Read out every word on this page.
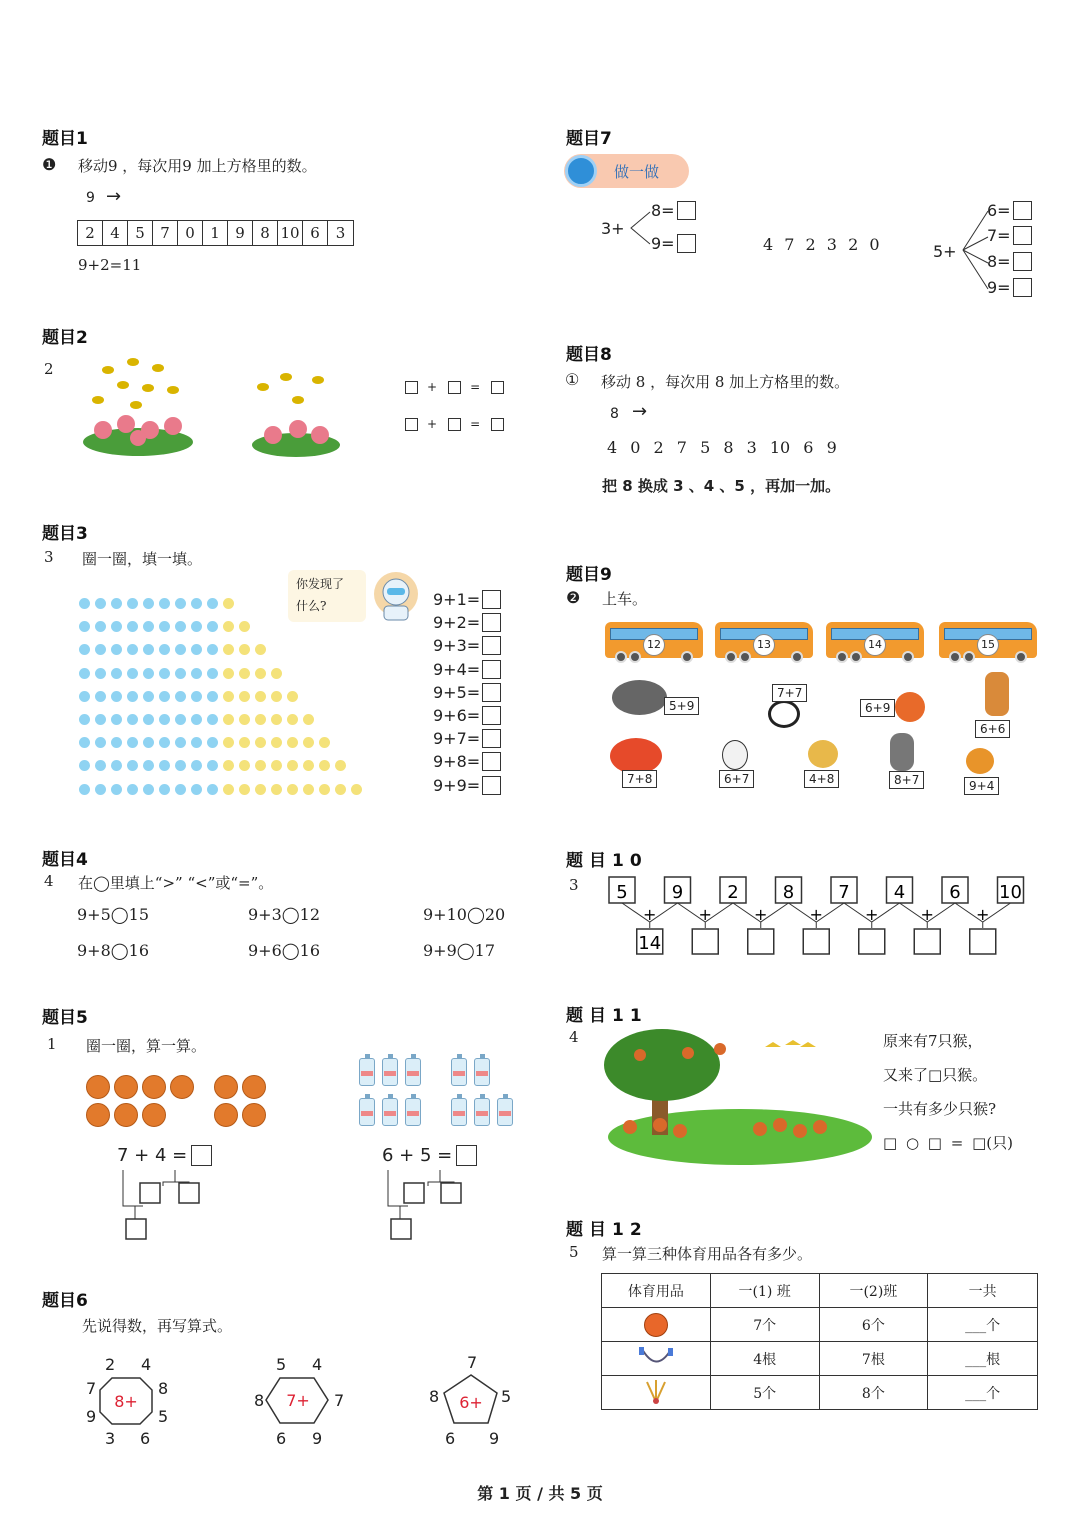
题目1
❶ 移动9 ，每次用9 加上方格里的数。
9 →
2	4	5	7	0	1	9	8 10 6	3
9+2=11
题目2
2
+	=
+	=
题目3
3 圈一圈，填一填。
你发现了
什么?	9+1=
9+2=
9+3=
9+4=
9+5=
9+6=
9+7=
9+8=
9+9=
题目4
4 在◯里填上“>” “<”或“=”。
9+5◯15	9+3◯12	9+10◯20
9+8◯16	9+6◯16	9+9◯17
题目5
1 圈一圈，算一算。
7 + 4 =	6 + 5 =
题目6
先说得数，再写算式。
8+
2 4
7	8
9	5
3 6
7+
5 4
8	7
6 9
6+
7
8	5
6 9
题目7
做一做
3+
8=
9=	4 7 2 3 2 0	5+
6=
7=
8=
9=
题目8
① 移动 8 ，每次用 8 加上方格里的数。
8 →
4 0 2 7 5 8 3 10 6 9
把 8 换成 3 、4 、5 ，再加一加。
题目9
❷ 上车。
12	13	14	15
5+9
7+7
6+9
6+6
7+8	6+7	4+8	8+7	9+4
题目10
3 5
+
14
9
+
2
+
8
+
7
+
4
+
6
+
10
题目11
4	原来有7只猴，
又来了□只猴。
一共有多少只猴?
□ ○ □ = □(只)
题目12
5 算一算三种体育用品各有多少。
体育用品	一(1) 班	一(2)班	一共
	7个	6个	___个
	4根	7根	___根
	5个	8个	___个
第 1 页 / 共 5 页
